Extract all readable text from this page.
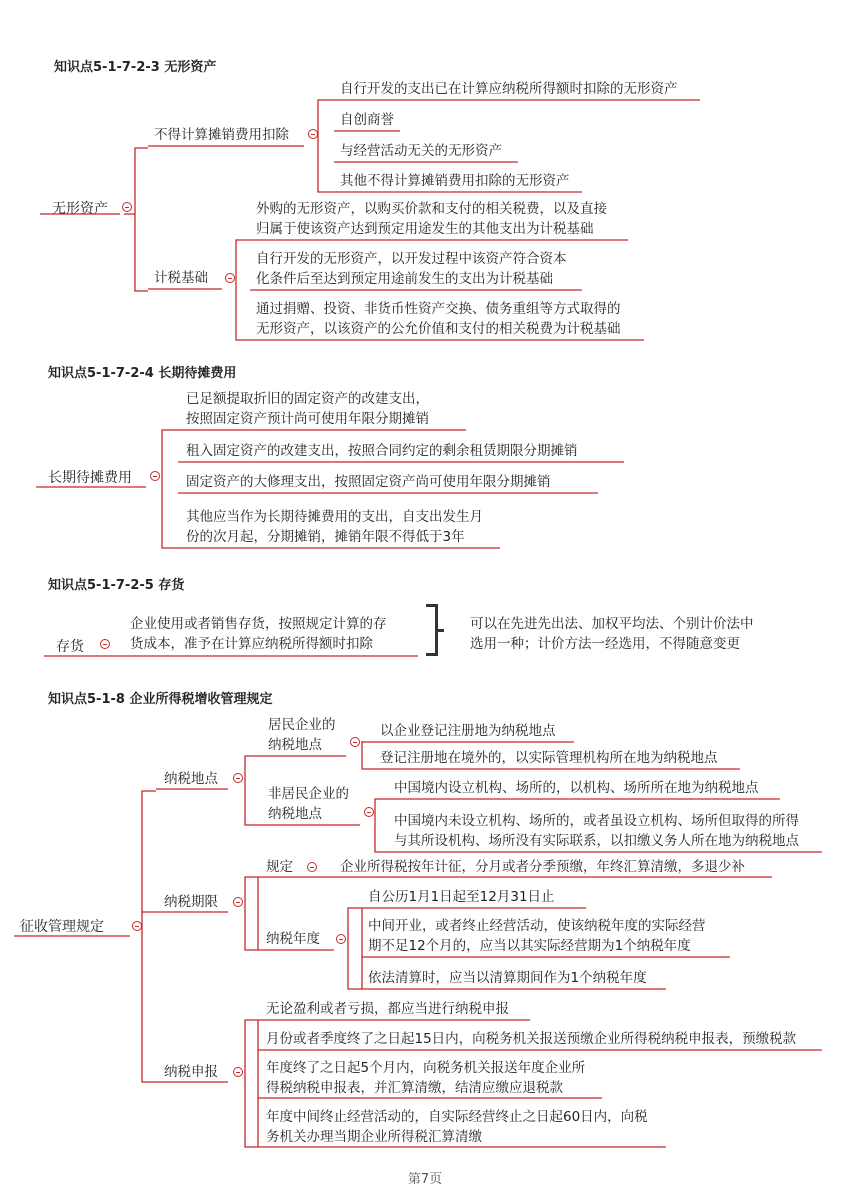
知识点5-1-7-2-3 无形资产
无形资产
不得计算摊销费用扣除
自行开发的支出已在计算应纳税所得额时扣除的无形资产
自创商誉
与经营活动无关的无形资产
其他不得计算摊销费用扣除的无形资产
计税基础
外购的无形资产，以购买价款和支付的相关税费，以及直接
归属于使该资产达到预定用途发生的其他支出为计税基础
自行开发的无形资产，以开发过程中该资产符合资本
化条件后至达到预定用途前发生的支出为计税基础
通过捐赠、投资、非货币性资产交换、债务重组等方式取得的
无形资产，以该资产的公允价值和支付的相关税费为计税基础
知识点5-1-7-2-4 长期待摊费用
长期待摊费用
已足额提取折旧的固定资产的改建支出，
按照固定资产预计尚可使用年限分期摊销
租入固定资产的改建支出，按照合同约定的剩余租赁期限分期摊销
固定资产的大修理支出，按照固定资产尚可使用年限分期摊销
其他应当作为长期待摊费用的支出，自支出发生月
份的次月起，分期摊销，摊销年限不得低于3年
知识点5-1-7-2-5 存货
存货
企业使用或者销售存货，按照规定计算的存
货成本，准予在计算应纳税所得额时扣除
可以在先进先出法、加权平均法、个别计价法中
选用一种；计价方法一经选用，不得随意变更
知识点5-1-8 企业所得税增收管理规定
征收管理规定
纳税地点
居民企业的
纳税地点
以企业登记注册地为纳税地点
登记注册地在境外的，以实际管理机构所在地为纳税地点
非居民企业的
纳税地点
中国境内设立机构、场所的，以机构、场所所在地为纳税地点
中国境内未设立机构、场所的，或者虽设立机构、场所但取得的所得
与其所设机构、场所没有实际联系，以扣缴义务人所在地为纳税地点
纳税期限
规定	企业所得税按年计征，分月或者分季预缴，年终汇算清缴，多退少补
纳税年度
自公历1月1日起至12月31日止
中间开业，或者终止经营活动，使该纳税年度的实际经营
期不足12个月的，应当以其实际经营期为1个纳税年度
依法清算时，应当以清算期间作为1个纳税年度
纳税申报
无论盈利或者亏损，都应当进行纳税申报
月份或者季度终了之日起15日内，向税务机关报送预缴企业所得税纳税申报表，预缴税款
年度终了之日起5个月内，向税务机关报送年度企业所
得税纳税申报表，并汇算清缴，结清应缴应退税款
年度中间终止经营活动的，自实际经营终止之日起60日内，向税
务机关办理当期企业所得税汇算清缴
第7页
